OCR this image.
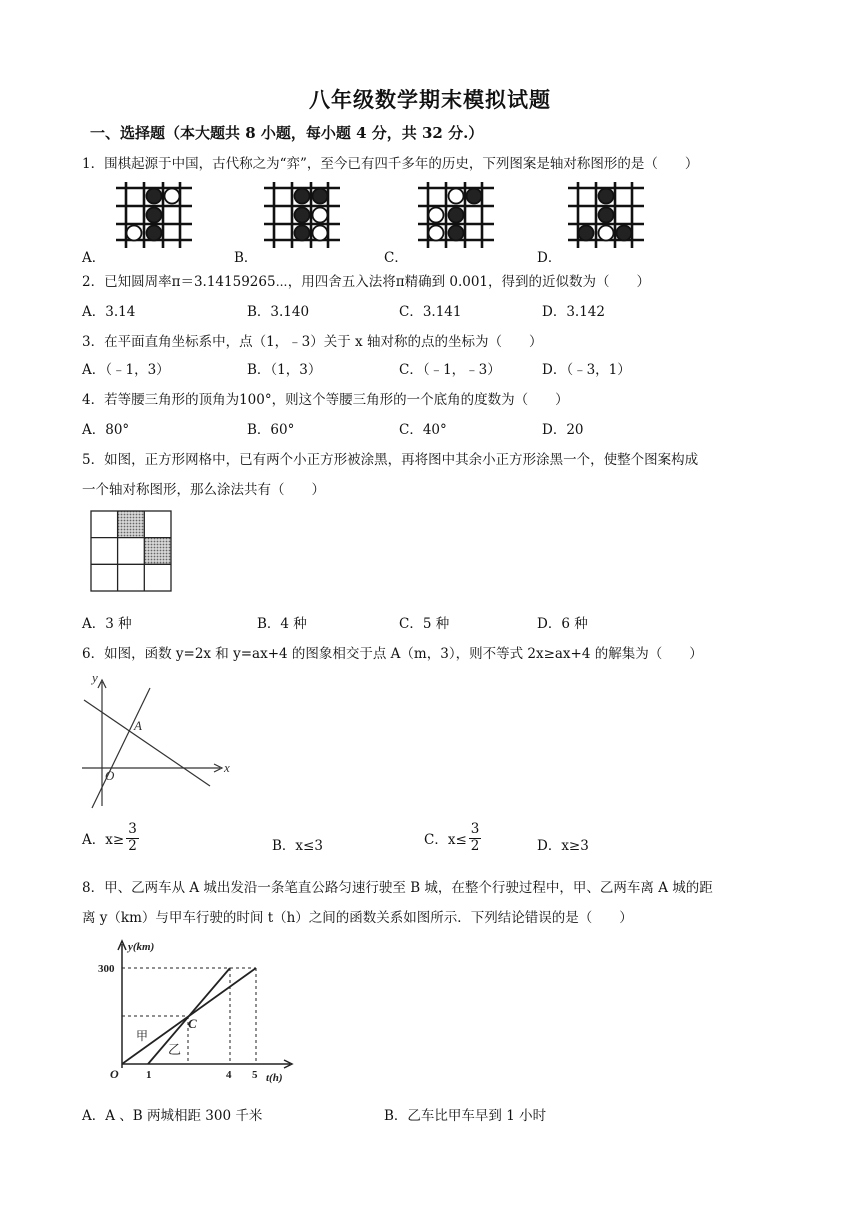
八年级数学期末模拟试题
一、选择题（本大题共 8 小题，每小题 4 分，共 32 分.）
1．围棋起源于中国，古代称之为“弈”，至今已有四千多年的历史，下列图案是轴对称图形的是（　　）
A．	B．	C．	D．
2．已知圆周率π＝3.14159265⋯，用四舍五入法将π精确到 0.001，得到的近似数为（　　）
A．3.14	B．3.140	C．3.141	D．3.142
3．在平面直角坐标系中，点（1，﹣3）关于 x 轴对称的点的坐标为（　　）
A．（﹣1，3）	B．（1，3）	C．（﹣1，﹣3）	D．（﹣3，1）
4．若等腰三角形的顶角为100°，则这个等腰三角形的一个底角的度数为（　　）
A．80°	B．60°	C．40°	D．20
5．如图，正方形网格中，已有两个小正方形被涂黑，再将图中其余小正方形涂黑一个，使整个图案构成
一个轴对称图形，那么涂法共有（　　）
A．3 种	B．4 种	C．5 种	D．6 种
6．如图，函数 y=2x 和 y=ax+4 的图象相交于点 A（m，3），则不等式 2x≥ax+4 的解集为（　　）
y
x
A
O
A．$x\ge \frac{3}{2}$	B．x≤3	C．$x\le \frac{3}{2}$	D．x≥3
8．甲、乙两车从 A 城出发沿一条笔直公路匀速行驶至 B 城，在整个行驶过程中，甲、乙两车离 A 城的距
离 y（km）与甲车行驶的时间 t（h）之间的函数关系如图所示．下列结论错误的是（　　）
y(km)
t(h)
300
O 1	4 5
C
甲
乙
A．A 、B 两城相距 300 千米	B．乙车比甲车早到 1 小时
